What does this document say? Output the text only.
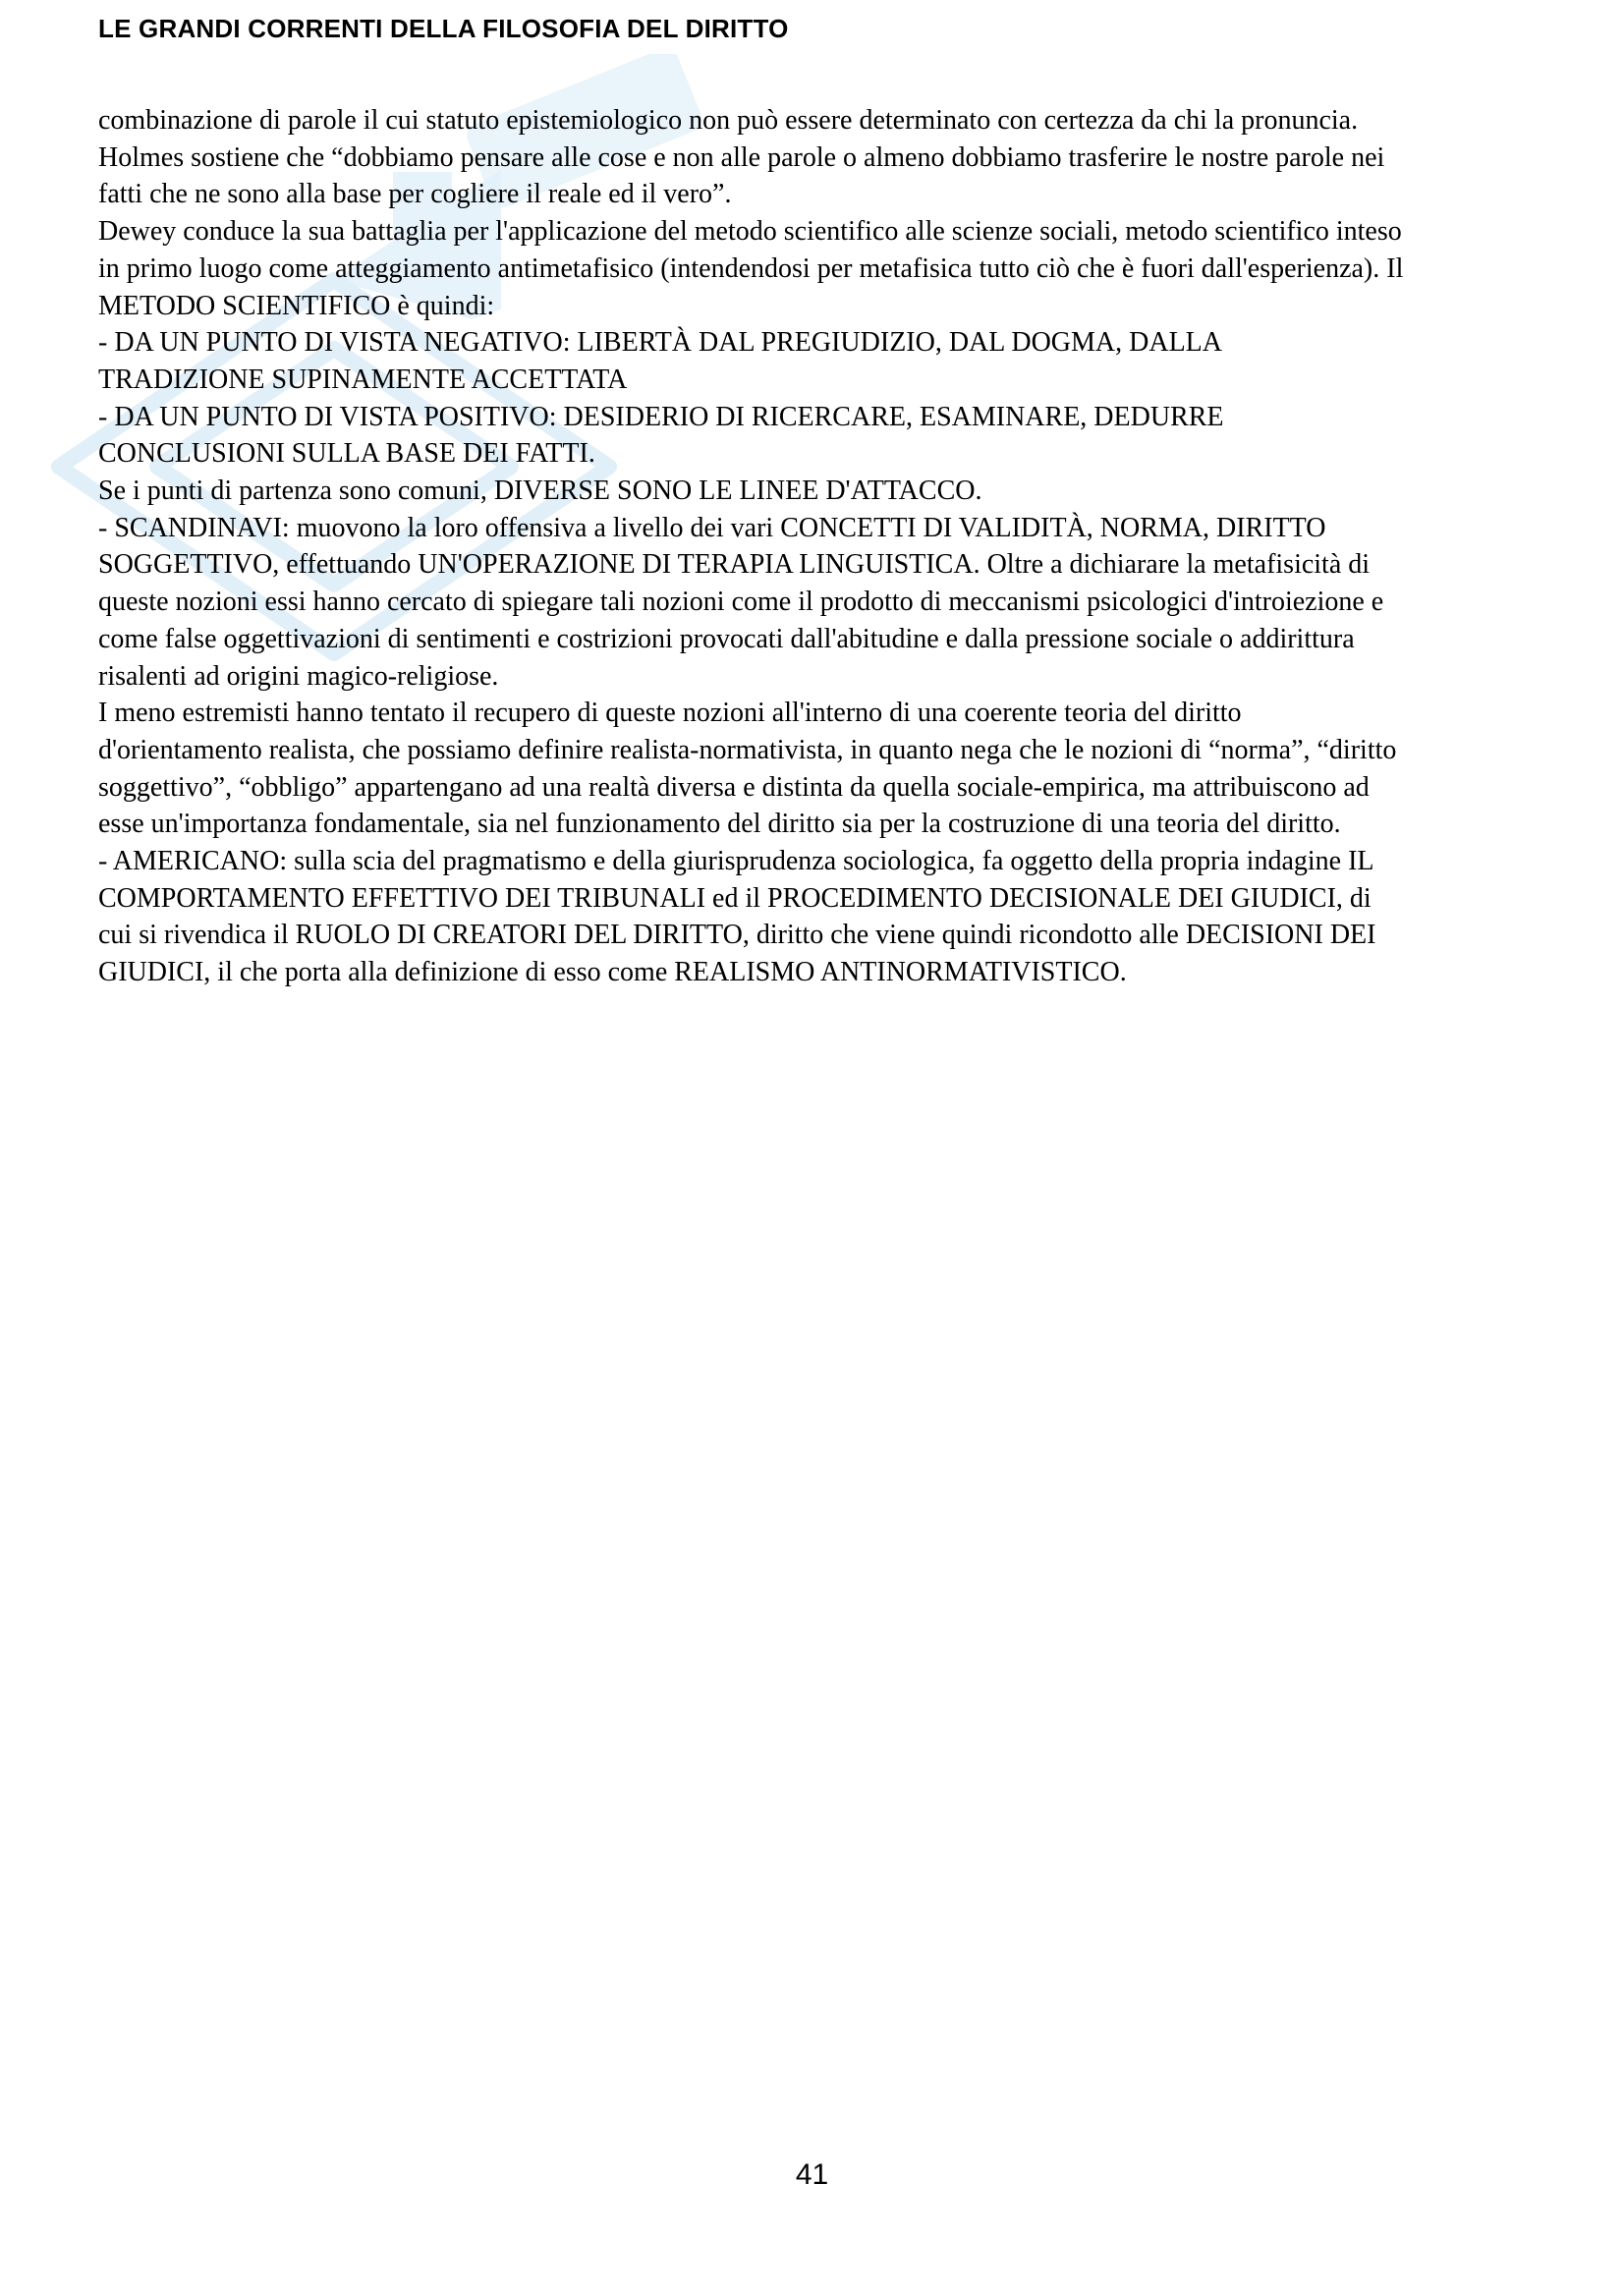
LE GRANDI CORRENTI DELLA FILOSOFIA DEL DIRITTO
combinazione di parole il cui statuto epistemiologico non può essere determinato con certezza da chi la pronuncia.
Holmes sostiene che “dobbiamo pensare alle cose e non alle parole o almeno dobbiamo trasferire le nostre parole nei
fatti che ne sono alla base per cogliere il reale ed il vero”.
Dewey conduce la sua battaglia per l'applicazione del metodo scientifico alle scienze sociali, metodo scientifico inteso
in primo luogo come atteggiamento antimetafisico (intendendosi per metafisica tutto ciò che è fuori dall'esperienza). Il
METODO SCIENTIFICO è quindi:
- DA UN PUNTO DI VISTA NEGATIVO: LIBERTÀ DAL PREGIUDIZIO, DAL DOGMA, DALLA
TRADIZIONE SUPINAMENTE ACCETTATA
- DA UN PUNTO DI VISTA POSITIVO: DESIDERIO DI RICERCARE, ESAMINARE, DEDURRE
CONCLUSIONI SULLA BASE DEI FATTI.
Se i punti di partenza sono comuni, DIVERSE SONO LE LINEE D'ATTACCO.
- SCANDINAVI: muovono la loro offensiva a livello dei vari CONCETTI DI VALIDITÀ, NORMA, DIRITTO
SOGGETTIVO, effettuando UN'OPERAZIONE DI TERAPIA LINGUISTICA. Oltre a dichiarare la metafisicità di
queste nozioni essi hanno cercato di spiegare tali nozioni come il prodotto di meccanismi psicologici d'introiezione e
come false oggettivazioni di sentimenti e costrizioni provocati dall'abitudine e dalla pressione sociale o addirittura
risalenti ad origini magico-religiose.
I meno estremisti hanno tentato il recupero di queste nozioni all'interno di una coerente teoria del diritto
d'orientamento realista, che possiamo definire realista-normativista, in quanto nega che le nozioni di “norma”, “diritto
soggettivo”, “obbligo” appartengano ad una realtà diversa e distinta da quella sociale-empirica, ma attribuiscono ad
esse un'importanza fondamentale, sia nel funzionamento del diritto sia per la costruzione di una teoria del diritto.
- AMERICANO: sulla scia del pragmatismo e della giurisprudenza sociologica, fa oggetto della propria indagine IL
COMPORTAMENTO EFFETTIVO DEI TRIBUNALI ed il PROCEDIMENTO DECISIONALE DEI GIUDICI, di
cui si rivendica il RUOLO DI CREATORI DEL DIRITTO, diritto che viene quindi ricondotto alle DECISIONI DEI
GIUDICI, il che porta alla definizione di esso come REALISMO ANTINORMATIVISTICO.
41
